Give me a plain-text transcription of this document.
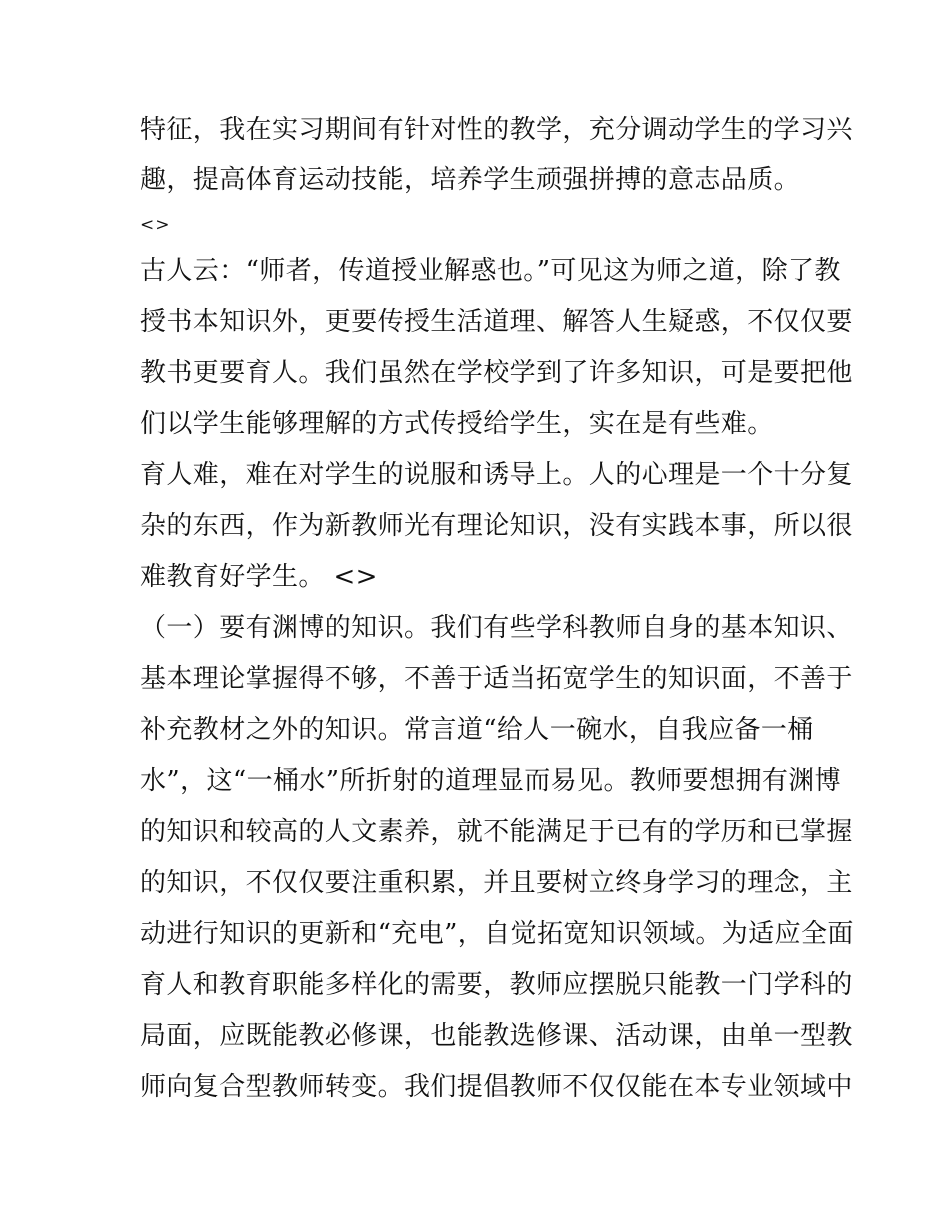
特征，我在实习期间有针对性的教学，充分调动学生的学习兴
趣，提高体育运动技能，培养学生顽强拼搏的意志品质。
<>
古人云：“师者，传道授业解惑也。”可见这为师之道，除了教
授书本知识外，更要传授生活道理、解答人生疑惑，不仅仅要
教书更要育人。我们虽然在学校学到了许多知识，可是要把他
们以学生能够理解的方式传授给学生，实在是有些难。
育人难，难在对学生的说服和诱导上。人的心理是一个十分复
杂的东西，作为新教师光有理论知识，没有实践本事，所以很
难教育好学生。 <>
（一）要有渊博的知识。我们有些学科教师自身的基本知识、
基本理论掌握得不够，不善于适当拓宽学生的知识面，不善于
补充教材之外的知识。常言道“给人一碗水，自我应备一桶
水”，这“一桶水”所折射的道理显而易见。教师要想拥有渊博
的知识和较高的人文素养，就不能满足于已有的学历和已掌握
的知识，不仅仅要注重积累，并且要树立终身学习的理念，主
动进行知识的更新和“充电”，自觉拓宽知识领域。为适应全面
育人和教育职能多样化的需要，教师应摆脱只能教一门学科的
局面，应既能教必修课，也能教选修课、活动课，由单一型教
师向复合型教师转变。我们提倡教师不仅仅能在本专业领域中
